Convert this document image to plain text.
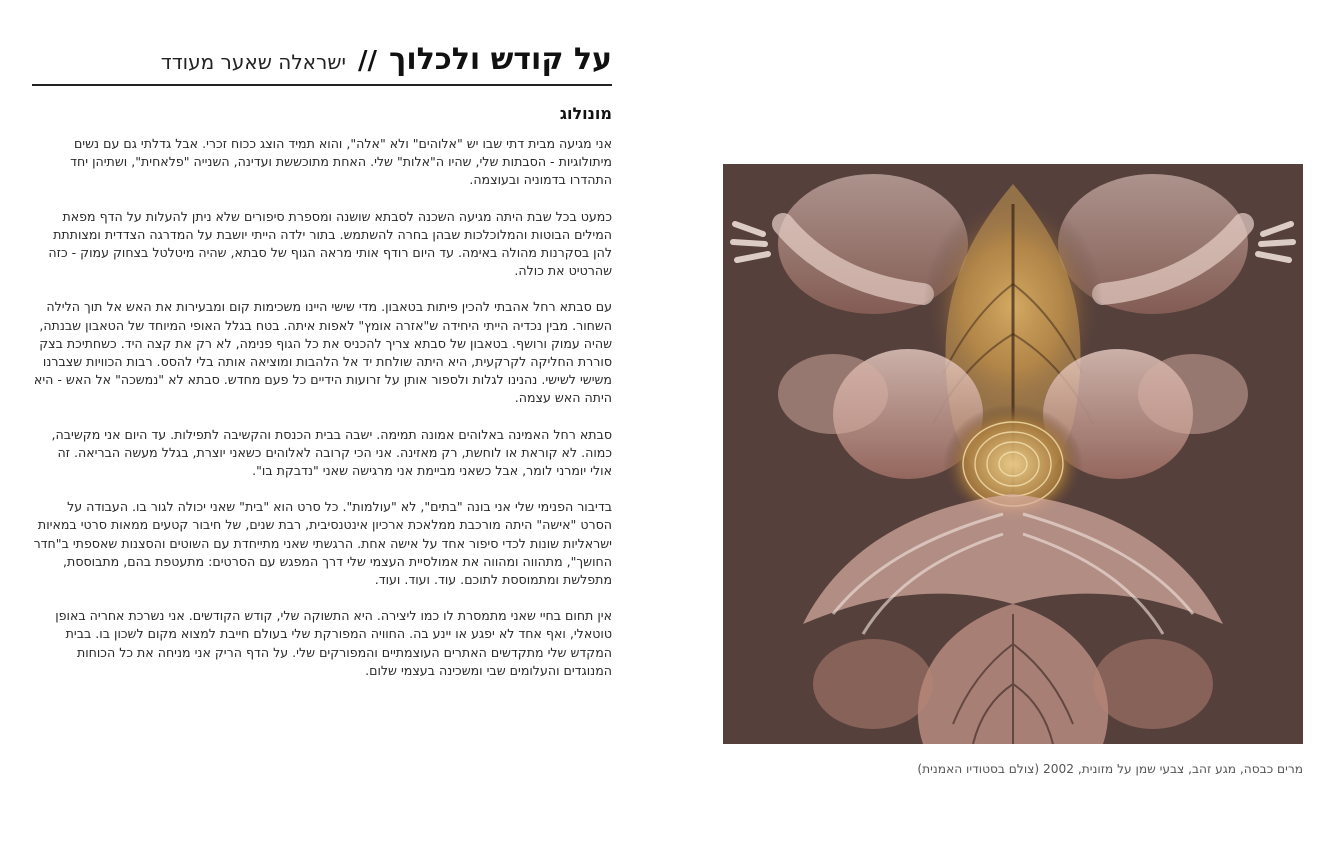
על קודש ולכלוך
//
ישראלה שאער מעודד
מונולוג

אני מגיעה מבית דתי שבו יש "אלוהים" ולא "אלה", והוא תמיד הוצג ככוח זכרי. אבל גדלתי גם עם נשים מיתולוגיות - הסבתות שלי, שהיו ה"אלות" שלי. האחת מתוכששת ועדינה, השנייה "פלאחית", ושתיהן יחד התהדרו בדמוניה ובעוצמה.

כמעט בכל שבת היתה מגיעה השכנה לסבתא שושנה ומספרת סיפורים שלא ניתן להעלות על הדף מפאת המילים הבוטות והמלוכלכות שבהן בחרה להשתמש. בתור ילדה הייתי יושבת על המדרגה הצדדית ומצותתת להן בסקרנות מהולה באימה. עד היום רודף אותי מראה הגוף של סבתא, שהיה מיטלטל בצחוק עמוק - כזה שהרטיט את כולה.

עם סבתא רחל אהבתי להכין פיתות בטאבון. מדי שישי היינו משכימות קום ומבעירות את האש אל תוך הלילה השחור. מבין נכדיה הייתי היחידה ש"אזרה אומץ" לאפות איתה. בטח בגלל האופי המיוחד של הטאבון שבנתה, שהיה עמוק ורושף. בטאבון של סבתא צריך להכניס את כל הגוף פנימה, לא רק את קצה היד. כשחתיכת בצק סוררת החליקה לקרקעית, היא היתה שולחת יד אל הלהבות ומוציאה אותה בלי להסס. רבות הכוויות שצברנו משישי לשישי. נהנינו לגלות ולספור אותן על זרועות הידיים כל פעם מחדש. סבתא לא "נמשכה" אל האש - היא היתה האש עצמה.

סבתא רחל האמינה באלוהים אמונה תמימה. ישבה בבית הכנסת והקשיבה לתפילות. עד היום אני מקשיבה, כמוה. לא קוראת או לוחשת, רק מאזינה. אני הכי קרובה לאלוהים כשאני יוצרת, בגלל מעשה הבריאה. זה אולי יומרני לומר, אבל כשאני מביימת אני מרגישה שאני "נדבקת בו".

בדיבור הפנימי שלי אני בונה "בתים", לא "עולמות". כל סרט הוא "בית" שאני יכולה לגור בו. העבודה על הסרט "אישה" היתה מורכבת ממלאכת ארכיון אינטנסיבית, רבת שנים, של חיבור קטעים ממאות סרטי במאיות ישראליות שונות לכדי סיפור אחד על אישה אחת. הרגשתי שאני מתייחדת עם השוטים והסצנות שאספתי ב"חדר החושך", מתהווה ומהווה את אמולסיית העצמי שלי דרך המפגש עם הסרטים: מתעטפת בהם, מתבוססת, מתפלשת ומתמוססת לתוכם. עוד. ועוד. ועוד.

אין תחום בחיי שאני מתמסרת לו כמו ליצירה. היא התשוקה שלי, קודש הקודשים. אני נשרכת אחריה באופן טוטאלי, ואף אחד לא יפגע או יינע בה. החוויה המפורקת שלי בעולם חייבת למצוא מקום לשכון בו. בבית המקדש שלי מתקדשים האתרים העוצמתיים והמפורקים שלי. על הדף הריק אני מניחה את כל הכוחות המנוגדים והעלומים שבי ומשכינה בעצמי שלום.

מרים כבסה, מגע זהב, צבעי שמן על מזונית, 2002 (צולם בסטודיו האמנית)
